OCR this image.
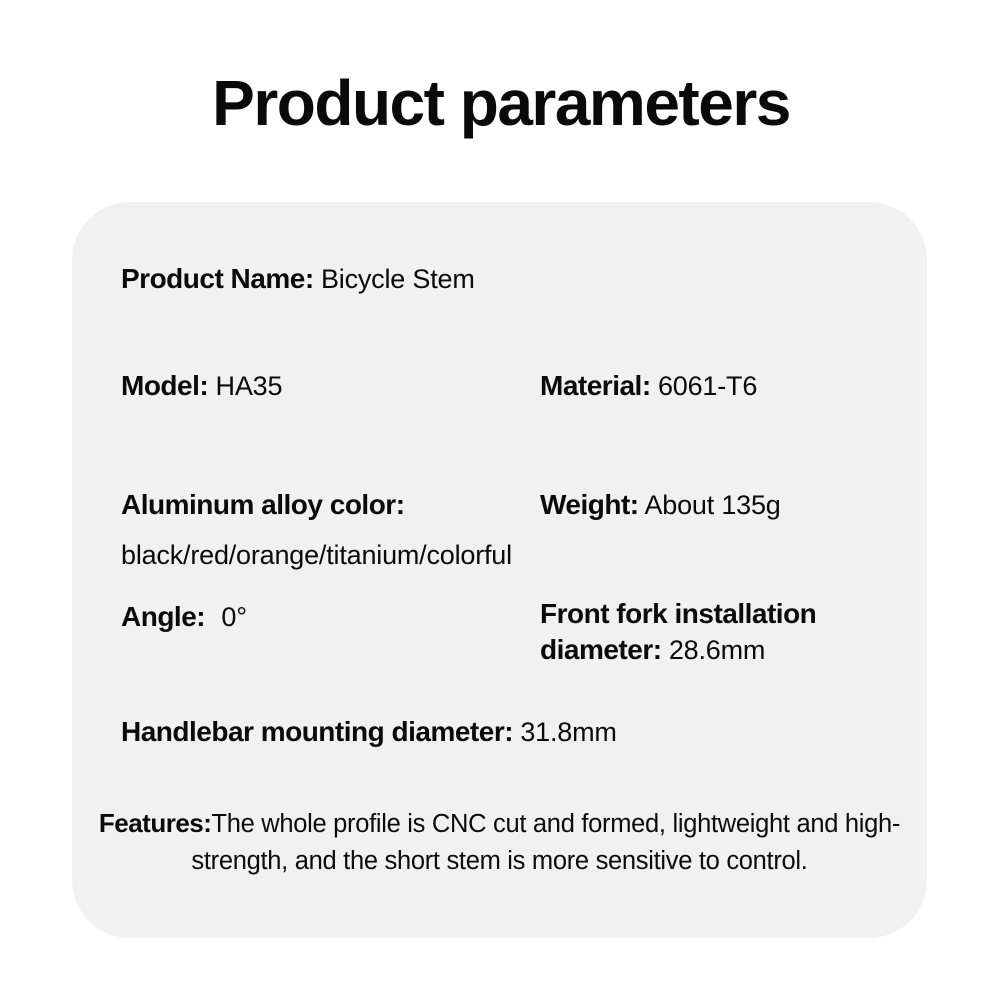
Product parameters
Product Name: Bicycle Stem
Model: HA35	Material: 6061-T6
Aluminum alloy color:	Weight: About 135g
black/red/orange/titanium/colorful
Angle: 0°	Front fork installation diameter: 28.6mm
Handlebar mounting diameter: 31.8mm
Features:The whole profile is CNC cut and formed, lightweight and high-strength, and the short stem is more sensitive to control.
